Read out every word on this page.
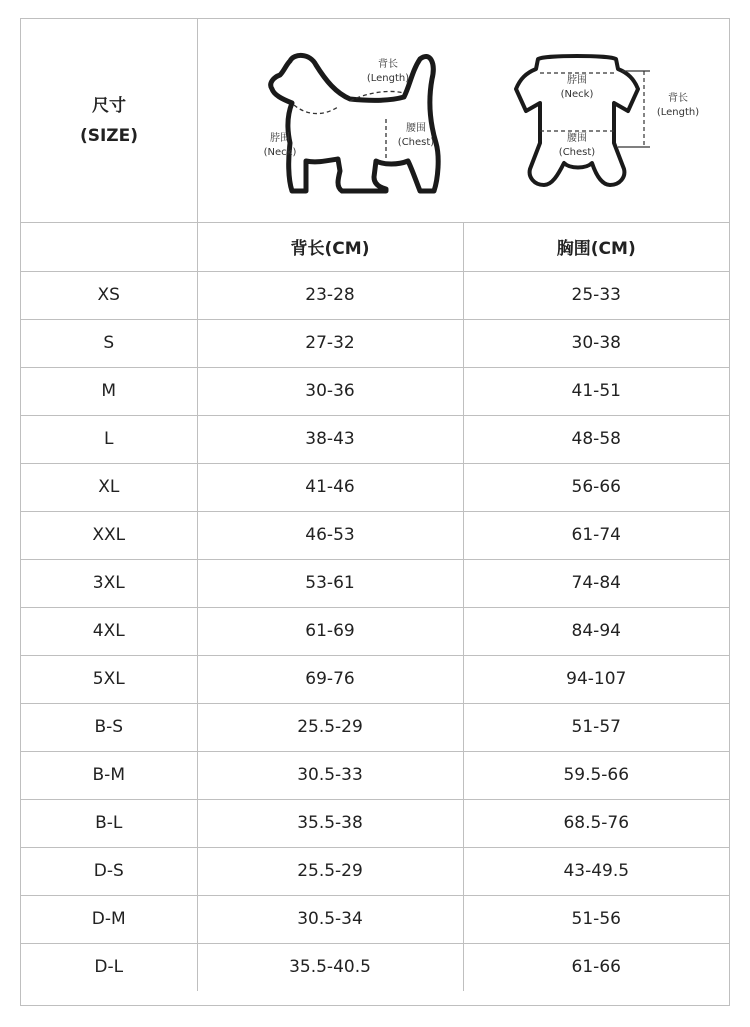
尺寸
(SIZE)
背长
(Length)
脖围
(Neck)
腰围
(Chest)
脖围
(Neck)
腰围
(Chest)
背长
(Length)
	背长(CM)	胸围(CM)
XS	23-28	25-33
S	27-32	30-38
M	30-36	41-51
L	38-43	48-58
XL	41-46	56-66
XXL	46-53	61-74
3XL	53-61	74-84
4XL	61-69	84-94
5XL	69-76	94-107
B-S	25.5-29	51-57
B-M	30.5-33	59.5-66
B-L	35.5-38	68.5-76
D-S	25.5-29	43-49.5
D-M	30.5-34	51-56
D-L	35.5-40.5	61-66
